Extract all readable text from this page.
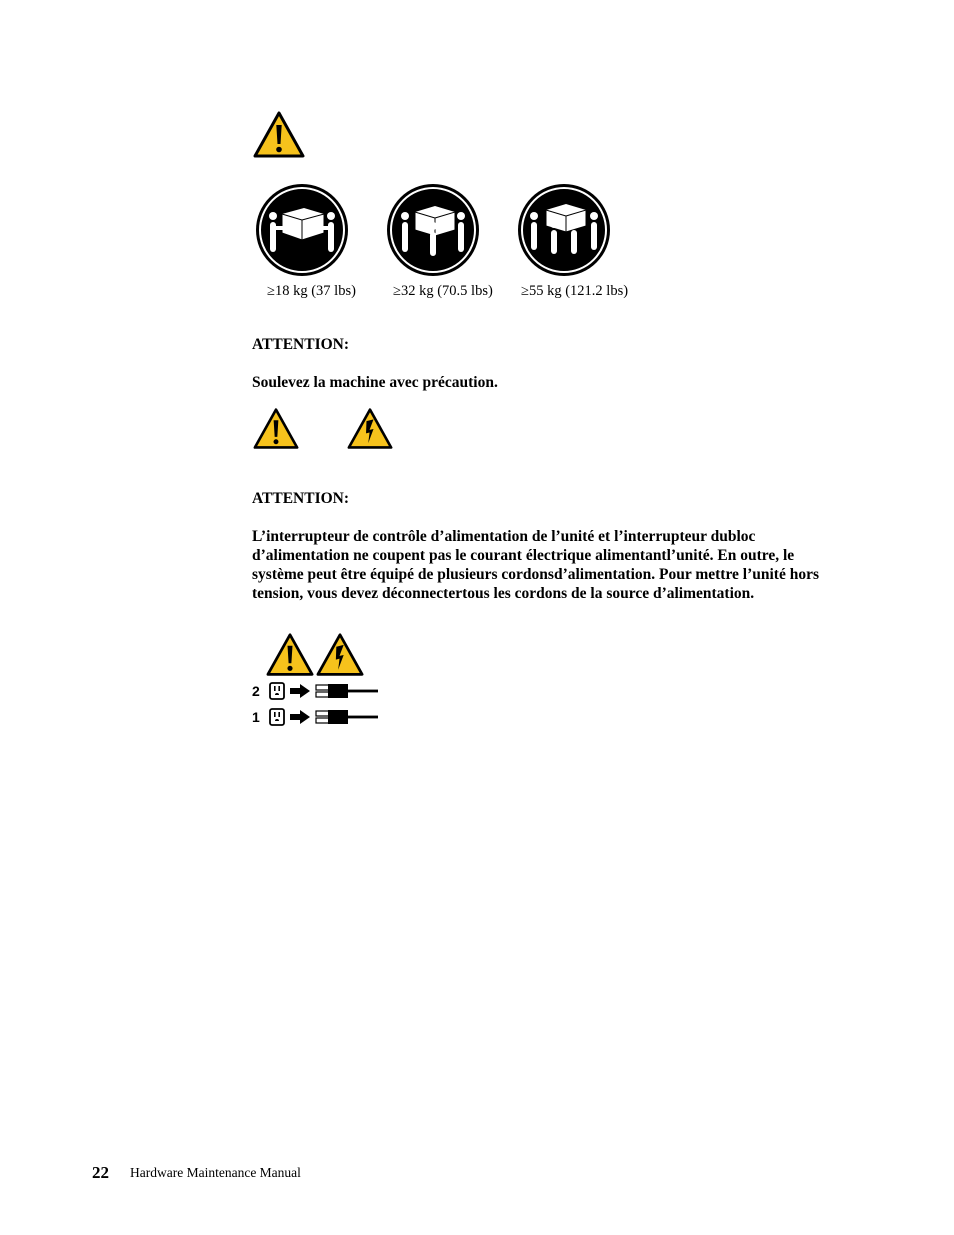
≥18 kg (37 lbs)	≥32 kg (70.5 lbs) ≥55 kg (121.2 lbs)
ATTENTION:
Soulevez la machine avec précaution.
ATTENTION:
L’interrupteur de contrôle d’alimentation de l’unité et l’interrupteur dubloc d’alimentation ne coupent pas le courant électrique alimentantl’unité. En outre, le système peut être équipé de plusieurs cordonsd’alimentation. Pour mettre l’unité hors tension, vous devez déconnectertous les cordons de la source d’alimentation.
2
1
22 Hardware Maintenance Manual
